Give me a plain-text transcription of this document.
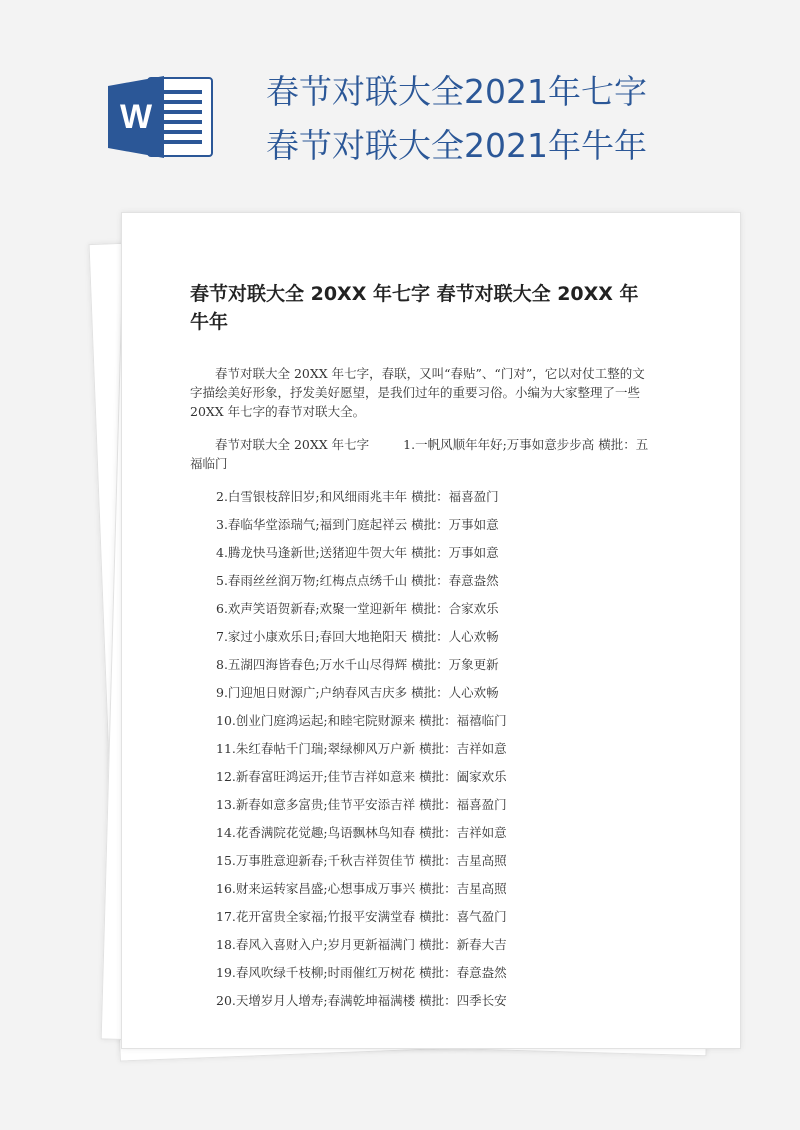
W
春节对联大全2021年七字
春节对联大全2021年牛年
春节对联大全 20XX 年七字 春节对联大全 20XX 年牛年

春节对联大全 20XX 年七字，春联，又叫“春贴”、“门对”，它以对仗工整的文字描绘美好形象，抒发美好愿望，是我们过年的重要习俗。小编为大家整理了一些 20XX 年七字的春节对联大全。

春节对联大全 20XX 年七字	1.一帆风顺年年好;万事如意步步高 横批：五福临门
2.白雪银枝辞旧岁;和风细雨兆丰年 横批：福喜盈门
3.春临华堂添瑞气;福到门庭起祥云 横批：万事如意
4.腾龙快马逢新世;送猪迎牛贺大年 横批：万事如意
5.春雨丝丝润万物;红梅点点绣千山 横批：春意盎然
6.欢声笑语贺新春;欢聚一堂迎新年 横批：合家欢乐
7.家过小康欢乐日;春回大地艳阳天 横批：人心欢畅
8.五湖四海皆春色;万水千山尽得辉 横批：万象更新
9.门迎旭日财源广;户纳春风吉庆多 横批：人心欢畅
10.创业门庭鸿运起;和睦宅院财源来 横批：福禧临门
11.朱红春帖千门瑞;翠绿柳风万户新 横批：吉祥如意
12.新春富旺鸿运开;佳节吉祥如意来 横批：阖家欢乐
13.新春如意多富贵;佳节平安添吉祥 横批：福喜盈门
14.花香满院花觉趣;鸟语飘林鸟知春 横批：吉祥如意
15.万事胜意迎新春;千秋吉祥贺佳节 横批：吉星高照
16.财来运转家昌盛;心想事成万事兴 横批：吉星高照
17.花开富贵全家福;竹报平安满堂春 横批：喜气盈门
18.春风入喜财入户;岁月更新福满门 横批：新春大吉
19.春风吹绿千枝柳;时雨催红万树花 横批：春意盎然
20.天增岁月人增寿;春满乾坤福满楼 横批：四季长安
